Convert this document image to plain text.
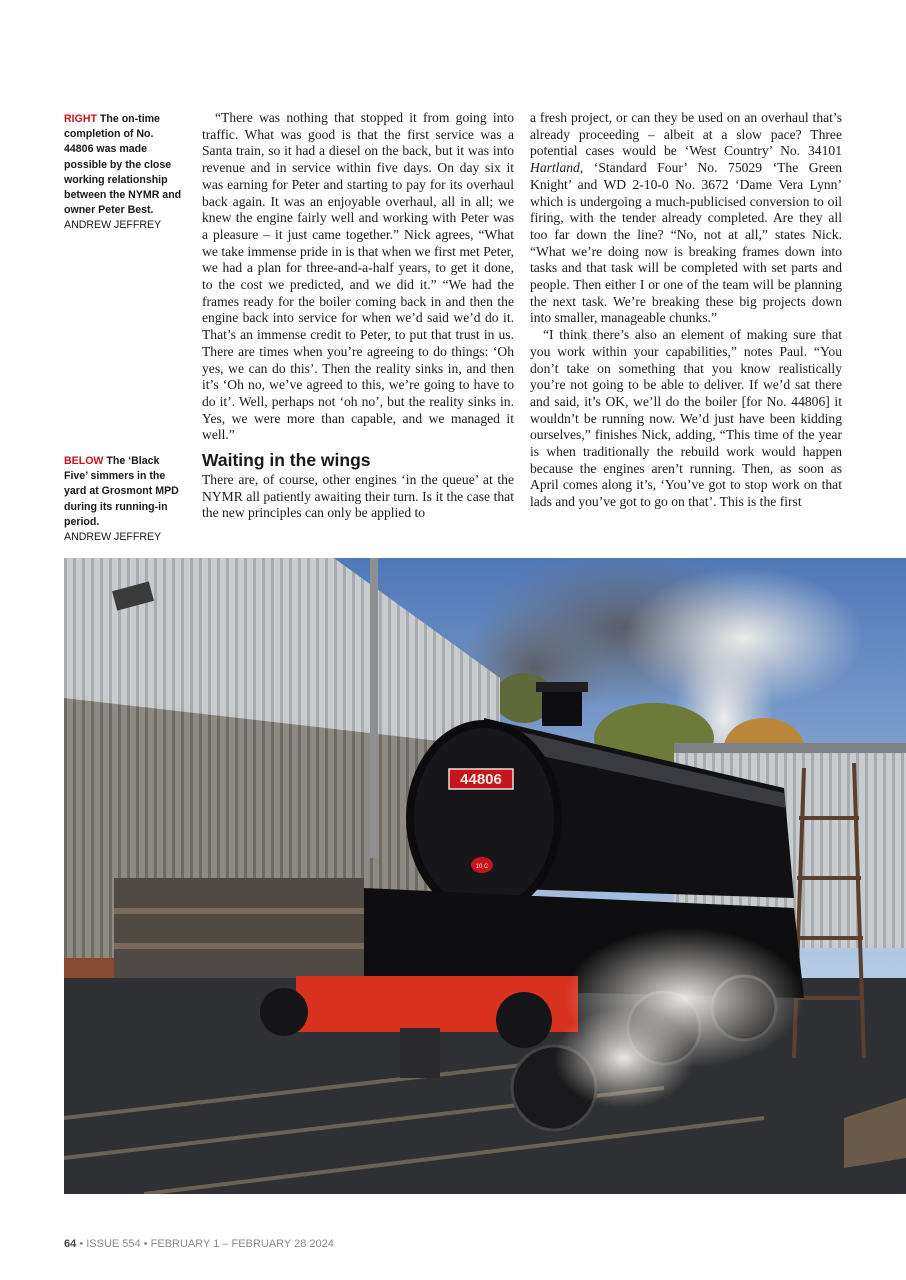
RIGHT The on-time completion of No. 44806 was made possible by the close working relationship between the NYMR and owner Peter Best.
ANDREW JEFFREY
BELOW The ‘Black Five’ simmers in the yard at Grosmont MPD during its running-in period.
ANDREW JEFFREY

“There was nothing that stopped it from going into traffic. What was good is that the first service was a Santa train, so it had a diesel on the back, but it was into revenue and in service within five days. On day six it was earning for Peter and starting to pay for its overhaul back again. It was an enjoyable overhaul, all in all; we knew the engine fairly well and working with Peter was a pleasure – it just came together.” Nick agrees, “What we take immense pride in is that when we first met Peter, we had a plan for three-and-a-half years, to get it done, to the cost we predicted, and we did it.” “We had the frames ready for the boiler coming back in and then the engine back into service for when we’d said we’d do it. That’s an immense credit to Peter, to put that trust in us. There are times when you’re agreeing to do things: ‘Oh yes, we can do this’. Then the reality sinks in, and then it’s ‘Oh no, we’ve agreed to this, we’re going to have to do it’. Well, perhaps not ‘oh no’, but the reality sinks in. Yes, we were more than capable, and we managed it well.”

Waiting in the wings

There are, of course, other engines ‘in the queue’ at the NYMR all patiently awaiting their turn. Is it the case that the new principles can only be applied to

a fresh project, or can they be used on an overhaul that’s already proceeding – albeit at a slow pace? Three potential cases would be ‘West Country’ No. 34101 Hartland, ‘Standard Four’ No. 75029 ‘The Green Knight’ and WD 2-10-0 No. 3672 ‘Dame Vera Lynn’ which is undergoing a much-publicised conversion to oil firing, with the tender already completed. Are they all too far down the line? “No, not at all,” states Nick. “What we’re doing now is breaking frames down into tasks and that task will be completed with set parts and people. Then either I or one of the team will be planning the next task. We’re breaking these big projects down into smaller, manageable chunks.”

“I think there’s also an element of making sure that you work within your capabilities,” notes Paul. “You don’t take on something that you know realistically you’re not going to be able to deliver. If we’d sat there and said, it’s OK, we’ll do the boiler [for No. 44806] it wouldn’t be running now. We’d just have been kidding ourselves,” finishes Nick, adding, “This time of the year is when traditionally the rebuild work would happen because the engines aren’t running. Then, as soon as April comes along it’s, ‘You’ve got to stop work on that lads and you’ve got to go on that’. This is the first

44806
10 C
64 • ISSUE 554 • FEBRUARY 1 – FEBRUARY 28 2024
